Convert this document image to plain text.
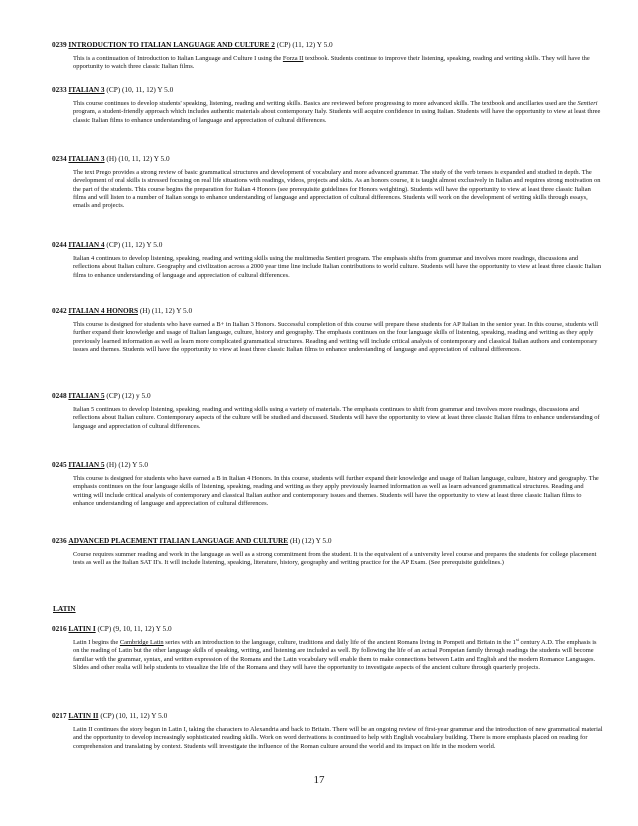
0239 INTRODUCTION TO ITALIAN LANGUAGE AND CULTURE 2 (CP) (11, 12) Y 5.0
This is a continuation of Introduction to Italian Language and Culture I using the Forza II textbook. Students continue to improve their listening, speaking, reading and writing skills. They will have the opportunity to watch three classic Italian films.
0233 ITALIAN 3 (CP) (10, 11, 12) Y 5.0
This course continues to develop students' speaking, listening, reading and writing skills. Basics are reviewed before progressing to more advanced skills. The textbook and ancillaries used are the Sentieri program, a student-friendly approach which includes authentic materials about contemporary Italy. Students will acquire confidence in using Italian. Students will have the opportunity to view at least three classic Italian films to enhance understanding of language and appreciation of cultural differences.
0234 ITALIAN 3 (H) (10, 11, 12) Y 5.0
The text Prego provides a strong review of basic grammatical structures and development of vocabulary and more advanced grammar. The study of the verb tenses is expanded and studied in depth. The development of oral skills is stressed focusing on real life situations with readings, videos, projects and skits. As an honors course, it is taught almost exclusively in Italian and requires strong motivation on the part of the students. This course begins the preparation for Italian 4 Honors (see prerequisite guidelines for Honors weighting). Students will have the opportunity to view at least three classic Italian films and will listen to a number of Italian songs to enhance understanding of language and appreciation of cultural differences. Students will work on the development of writing skills through essays, emails and projects.
0244 ITALIAN 4 (CP) (11, 12) Y 5.0
Italian 4 continues to develop listening, speaking, reading and writing skills using the multimedia Sentieri program. The emphasis shifts from grammar and involves more readings, discussions and reflections about Italian culture. Geography and civilization across a 2000 year time line include Italian contributions to world culture. Students will have the opportunity to view at least three classic Italian films to enhance understanding of language and appreciation of cultural differences.
0242 ITALIAN 4 HONORS (H) (11, 12) Y 5.0
This course is designed for students who have earned a B+ in Italian 3 Honors. Successful completion of this course will prepare these students for AP Italian in the senior year. In this course, students will further expand their knowledge and usage of Italian language, culture, history and geography. The emphasis continues on the four language skills of listening, speaking, reading and writing as they apply previously learned information as well as learn more complicated grammatical structures. Reading and writing will include critical analysis of contemporary and classical Italian authors and contemporary issues and themes. Students will have the opportunity to view at least three classic Italian films to enhance understanding of language and appreciation of cultural differences.
0248 ITALIAN 5 (CP) (12) y 5.0
Italian 5 continues to develop listening, speaking, reading and writing skills using a variety of materials. The emphasis continues to shift from grammar and involves more readings, discussions and reflections about Italian culture. Contemporary aspects of the culture will be studied and discussed. Students will have the opportunity to view at least three classic Italian films to enhance understanding of language and appreciation of cultural differences.
0245 ITALIAN 5 (H) (12) Y 5.0
This course is designed for students who have earned a B in Italian 4 Honors. In this course, students will further expand their knowledge and usage of Italian language, culture, history and geography. The emphasis continues on the four language skills of listening, speaking, reading and writing as they apply previously learned information as well as learn advanced grammatical structures. Reading and writing will include critical analysis of contemporary and classical Italian author and contemporary issues and themes. Students will have the opportunity to view at least three classic Italian films to enhance understanding of language and appreciation of cultural differences.
0236 ADVANCED PLACEMENT ITALIAN LANGUAGE AND CULTURE (H) (12) Y 5.0
Course requires summer reading and work in the language as well as a strong commitment from the student. It is the equivalent of a university level course and prepares the students for college placement tests as well as the Italian SAT II's. It will include listening, speaking, literature, history, geography and writing practice for the AP Exam. (See prerequisite guidelines.)
LATIN
0216 LATIN I (CP) (9, 10, 11, 12) Y 5.0
Latin I begins the Cambridge Latin series with an introduction to the language, culture, traditions and daily life of the ancient Romans living in Pompeii and Britain in the 1st century A.D. The emphasis is on the reading of Latin but the other language skills of speaking, writing, and listening are included as well. By following the life of an actual Pompeian family through readings the students will become familiar with the grammar, syntax, and written expression of the Romans and the Latin vocabulary will enable them to make connections between Latin and English and the modern Romance Languages. Slides and other realia will help students to visualize the life of the Romans and they will have the opportunity to investigate aspects of the ancient culture through quarterly projects.
0217 LATIN II (CP) (10, 11, 12) Y 5.0
Latin II continues the story begun in Latin I, taking the characters to Alexandria and back to Britain. There will be an ongoing review of first-year grammar and the introduction of new grammatical material and the opportunity to develop increasingly sophisticated reading skills. Work on word derivations is continued to help with English vocabulary building. There is more emphasis placed on reading for comprehension and translating by context. Students will investigate the influence of the Roman culture around the world and its impact on life in the modern world.
17
